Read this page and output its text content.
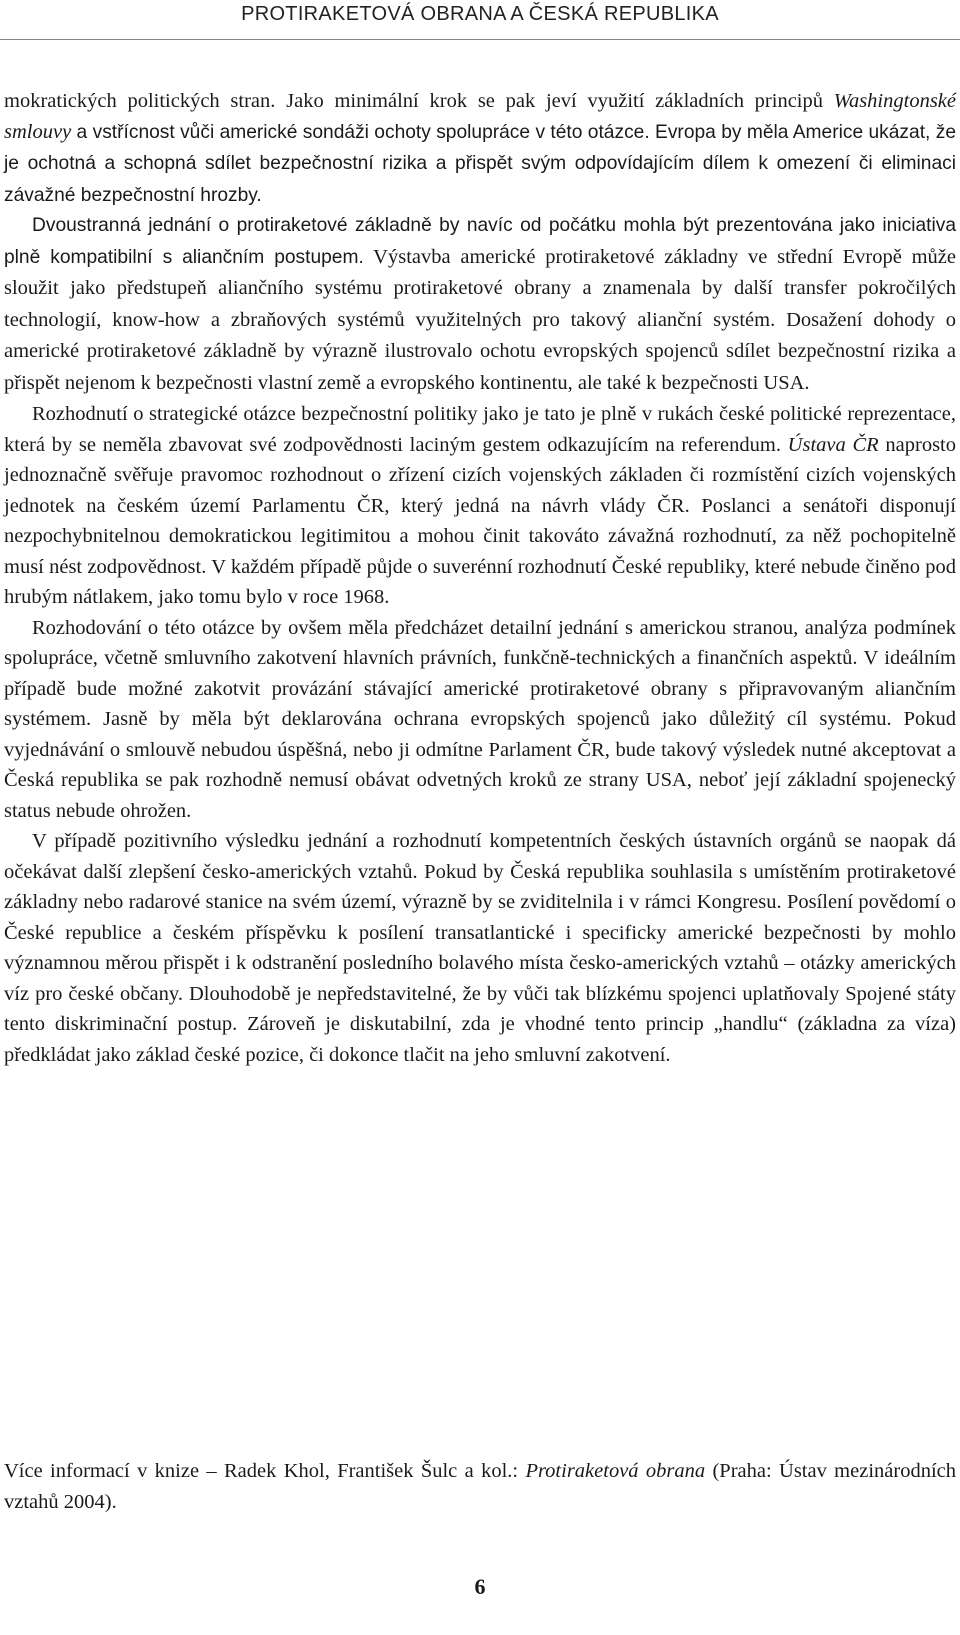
PROTIRAKETOVÁ OBRANA A ČESKÁ REPUBLIKA

mokratických politických stran. Jako minimální krok se pak jeví využití základních principů Washingtonské smlouvy a vstřícnost vůči americké sondáži ochoty spolupráce v této otázce. Evropa by měla Americe ukázat, že je ochotná a schopná sdílet bezpečnostní rizika a přispět svým odpovídajícím dílem k omezení či eliminaci závažné bezpečnostní hrozby.

Dvoustranná jednání o protiraketové základně by navíc od počátku mohla být prezentována jako iniciativa plně kompatibilní s aliančním postupem. Výstavba americké protiraketové základny ve střední Evropě může sloužit jako předstupeň aliančního systému protiraketové obrany a znamenala by další transfer pokročilých technologií, know-how a zbraňových systémů využitelných pro takový alianční systém. Dosažení dohody o americké protiraketové základně by výrazně ilustrovalo ochotu evropských spojenců sdílet bezpečnostní rizika a přispět nejenom k bezpečnosti vlastní země a evropského kontinentu, ale také k bezpečnosti USA.

Rozhodnutí o strategické otázce bezpečnostní politiky jako je tato je plně v rukách české politické reprezentace, která by se neměla zbavovat své zodpovědnosti laciným gestem odkazujícím na referendum. Ústava ČR naprosto jednoznačně svěřuje pravomoc rozhodnout o zřízení cizích vojenských základen či rozmístění cizích vojenských jednotek na českém území Parlamentu ČR, který jedná na návrh vlády ČR. Poslanci a senátoři disponují nezpochybnitelnou demokratickou legitimitou a mohou činit takováto závažná rozhodnutí, za něž pochopitelně musí nést zodpovědnost. V každém případě půjde o suverénní rozhodnutí České republiky, které nebude činěno pod hrubým nátlakem, jako tomu bylo v roce 1968.

Rozhodování o této otázce by ovšem měla předcházet detailní jednání s americkou stranou, analýza podmínek spolupráce, včetně smluvního zakotvení hlavních právních, funkčně-technických a finančních aspektů. V ideálním případě bude možné zakotvit provázání stávající americké protiraketové obrany s připravovaným aliančním systémem. Jasně by měla být deklarována ochrana evropských spojenců jako důležitý cíl systému. Pokud vyjednávání o smlouvě nebudou úspěšná, nebo ji odmítne Parlament ČR, bude takový výsledek nutné akceptovat a Česká republika se pak rozhodně nemusí obávat odvetných kroků ze strany USA, neboť její základní spojenecký status nebude ohrožen.

V případě pozitivního výsledku jednání a rozhodnutí kompetentních českých ústavních orgánů se naopak dá očekávat další zlepšení česko-amerických vztahů. Pokud by Česká republika souhlasila s umístěním protiraketové základny nebo radarové stanice na svém území, výrazně by se zviditelnila i v rámci Kongresu. Posílení povědomí o České republice a českém příspěvku k posílení transatlantické i specificky americké bezpečnosti by mohlo významnou měrou přispět i k odstranění posledního bolavého místa česko-amerických vztahů – otázky amerických víz pro české občany. Dlouhodobě je nepředstavitelné, že by vůči tak blízkému spojenci uplatňovaly Spojené státy tento diskriminační postup. Zároveň je diskutabilní, zda je vhodné tento princip „handlu“ (základna za víza) předkládat jako základ české pozice, či dokonce tlačit na jeho smluvní zakotvení.

Více informací v knize – Radek Khol, František Šulc a kol.: Protiraketová obrana (Praha: Ústav mezinárodních vztahů 2004).
6
